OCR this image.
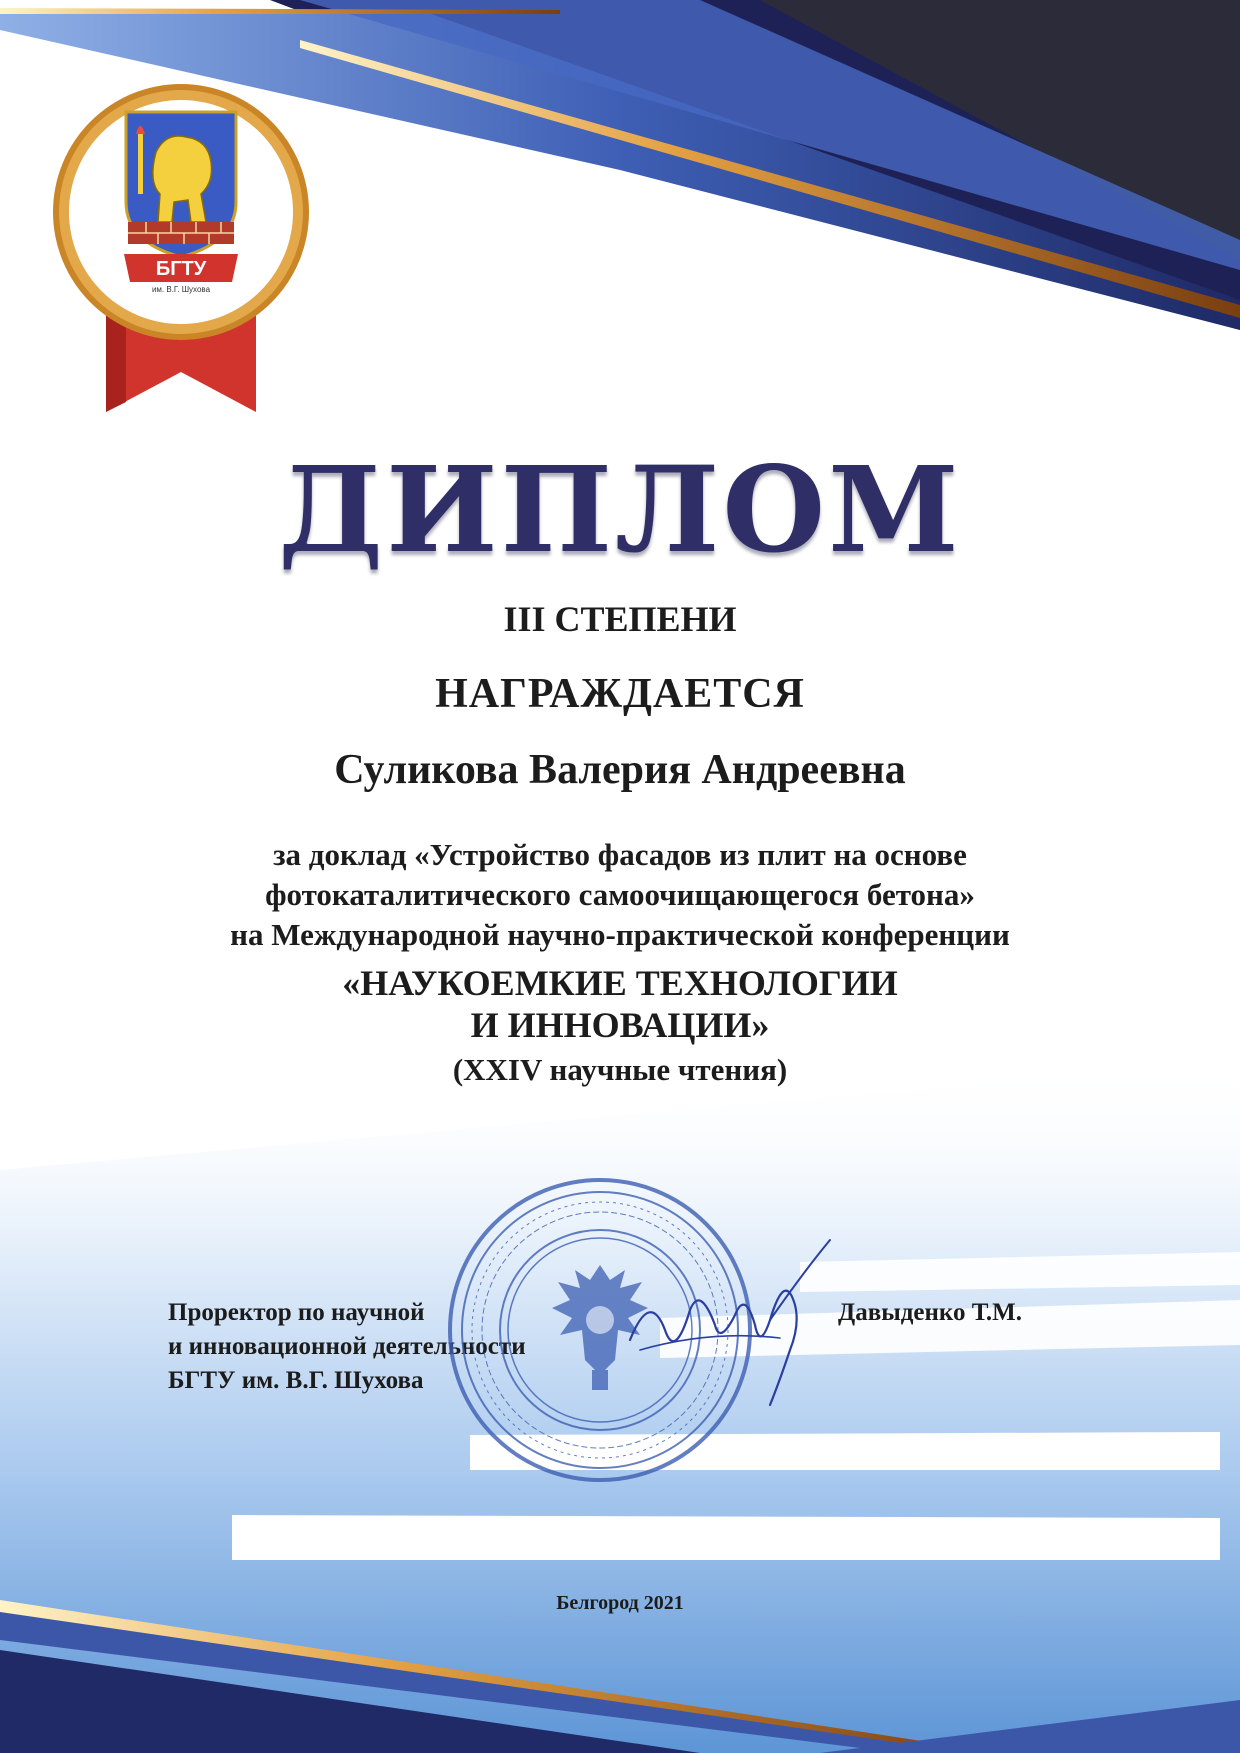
БГТУ
им. В.Г. Шухова
ДИПЛОМ
III СТЕПЕНИ
НАГРАЖДАЕТСЯ
Суликова Валерия Андреевна
за доклад «Устройство фасадов из плит на основе
фотокаталитического самоочищающегося бетона»
на Международной научно-практической конференции
«НАУКОЕМКИЕ ТЕХНОЛОГИИ
И ИННОВАЦИИ»
(XXIV научные чтения)
Проректор по научной
и инновационной деятельности
БГТУ им. В.Г. Шухова
Давыденко Т.М.
Белгород 2021
